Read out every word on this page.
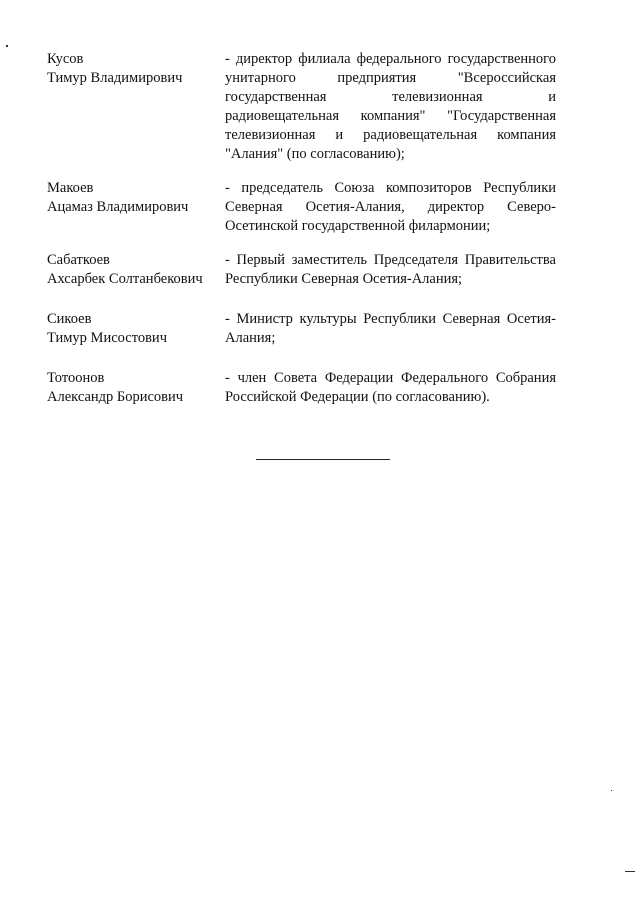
Кусов
Тимур Владимирович
- директор филиала федерального государственного
унитарного предприятия "Всероссийская
государственная телевизионная и
радиовещательная компания" "Государственная
телевизионная и радиовещательная компания
"Алания" (по согласованию);
Макоев
Ацамаз Владимирович
- председатель Союза композиторов Республики
Северная Осетия-Алания, директор Северо-
Осетинской государственной филармонии;
Сабаткоев
Ахсарбек Солтанбекович
- Первый заместитель Председателя Правительства
Республики Северная Осетия-Алания;
Сикоев
Тимур Мисостович
- Министр культуры Республики Северная Осетия-
Алания;
Тотоонов
Александр Борисович
- член Совета Федерации Федерального Собрания
Российской Федерации (по согласованию).
